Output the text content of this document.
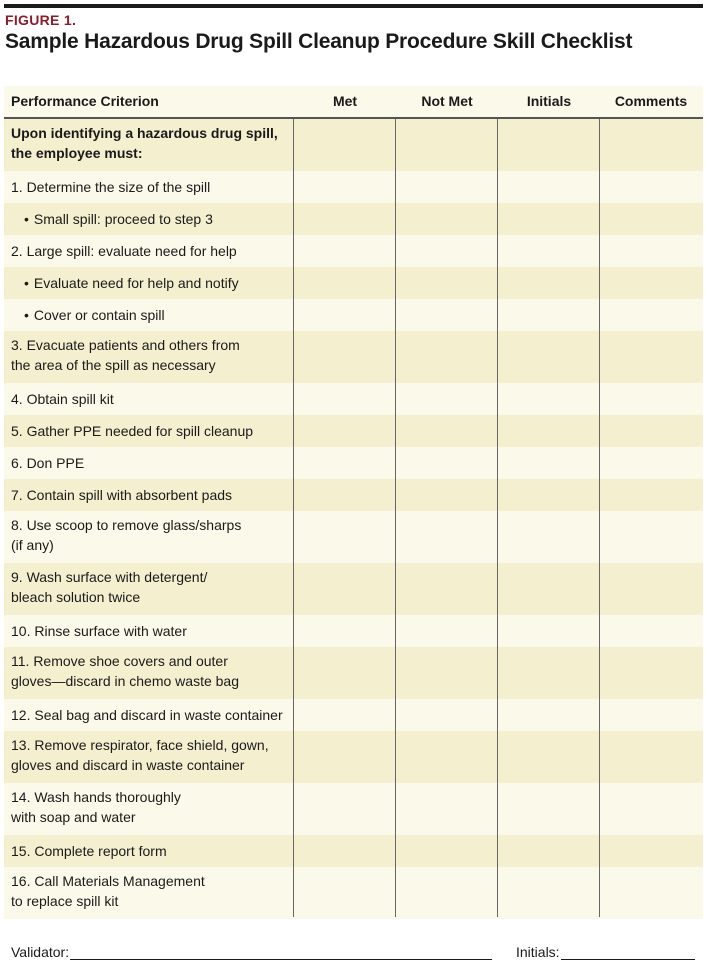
FIGURE 1.
Sample Hazardous Drug Spill Cleanup Procedure Skill Checklist
Performance Criterion	Met	Not Met	Initials	Comments
Upon identifying a hazardous drug spill,
the employee must:
1. Determine the size of the spill
• Small spill: proceed to step 3
2. Large spill: evaluate need for help
• Evaluate need for help and notify
• Cover or contain spill
3. Evacuate patients and others from
the area of the spill as necessary
4. Obtain spill kit
5. Gather PPE needed for spill cleanup
6. Don PPE
7. Contain spill with absorbent pads
8. Use scoop to remove glass/sharps
(if any)
9. Wash surface with detergent/
bleach solution twice
10. Rinse surface with water
11. Remove shoe covers and outer
gloves—discard in chemo waste bag
12. Seal bag and discard in waste container
13. Remove respirator, face shield, gown,
gloves and discard in waste container
14. Wash hands thoroughly
with soap and water
15. Complete report form
16. Call Materials Management
to replace spill kit
Validator:	Initials:
